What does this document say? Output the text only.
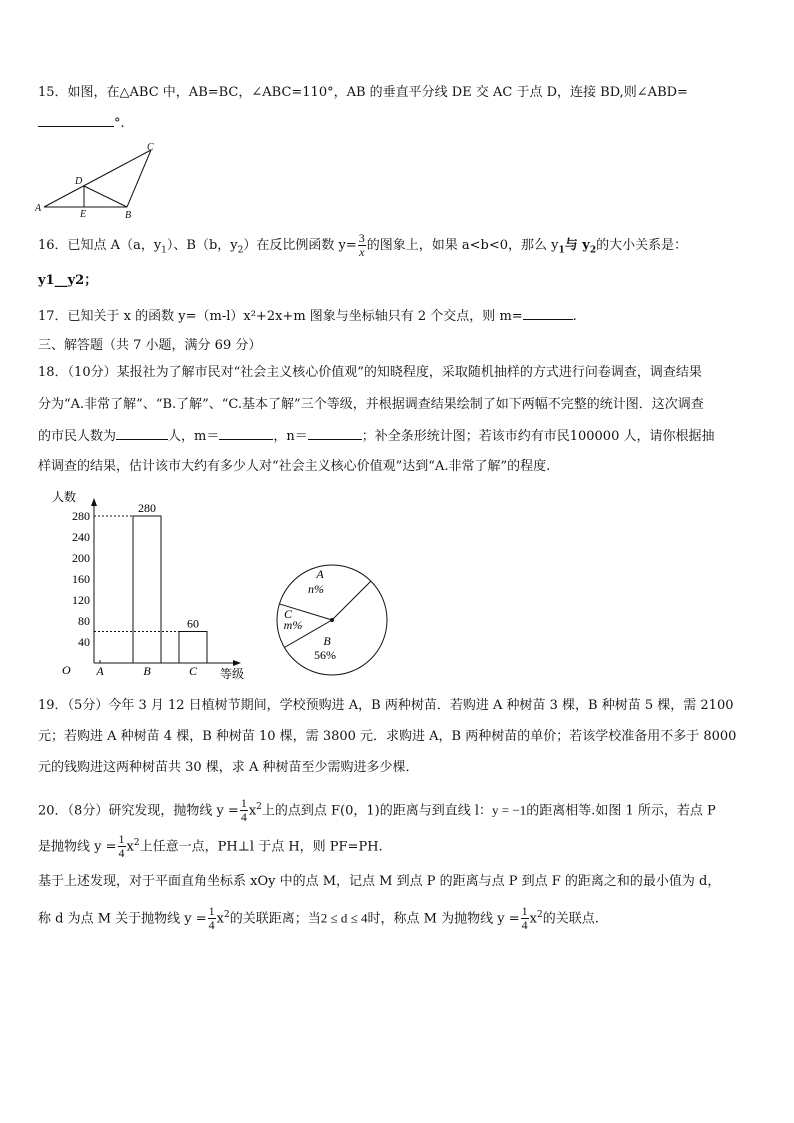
15．如图，在△ABC 中，AB=BC，∠ABC=110°，AB 的垂直平分线 DE 交 AC 于点 D，连接 BD,则∠ABD=
°.
A
B
C
D
E
16．已知点 A（a，$y_1$）、B（b，$y_2$）在反比例函数 $y= \frac{3}{x}$ 的图象上，如果 a<b<0，那么 $y_1$与 $y_2$的大小关系是：
y1__y2；
17．已知关于 x 的函数 y=（m-l）x²+2x+m 图象与坐标轴只有 2 个交点，则 m=	.
三、解答题（共 7 小题，满分 69 分）
18．（10分）某报社为了解市民对“社会主义核心价值观”的知晓程度，采取随机抽样的方式进行问卷调查，调查结果
分为“A.非常了解”、“B.了解”、“C.基本了解”三个等级，并根据调查结果绘制了如下两幅不完整的统计图．这次调查
的市民人数为	人，m＝	，n＝	；补全条形统计图；若该市约有市民100000 人，请你根据抽
样调查的结果，估计该市大约有多少人对“社会主义核心价值观”达到“A.非常了解”的程度.
人数
等级
O
40
80
120
160
200
240
280
A	B
280
C
60
A
n%
B
56%
C
m%
19．（5分）今年 3 月 12 日植树节期间，学校预购进 A，B 两种树苗．若购进 A 种树苗 3 棵，B 种树苗 5 棵，需 2100
元；若购进 A 种树苗 4 棵，B 种树苗 10 棵，需 3800 元．求购进 A，B 两种树苗的单价；若该学校准备用不多于 8000
元的钱购进这两种树苗共 30 棵，求 A 种树苗至少需购进多少棵．
20．（8分）研究发现，抛物线 $y = \frac{1}{4} x^2$上的点到点 F(0，1)的距离与到直线 l：y = −1的距离相等.如图 1 所示，若点 P
是抛物线 $y = \frac{1}{4} x^2$上任意一点，PH⊥l 于点 H，则 PF=PH.
基于上述发现，对于平面直角坐标系 xOy 中的点 M，记点 M 到点 P 的距离与点 P 到点 F 的距离之和的最小值为 d，
称 d 为点 M 关于抛物线 $y = \frac{1}{4} x^2$的关联距离；当2 ≤ d ≤ 4时，称点 M 为抛物线 $y = \frac{1}{4} x^2$的关联点.
